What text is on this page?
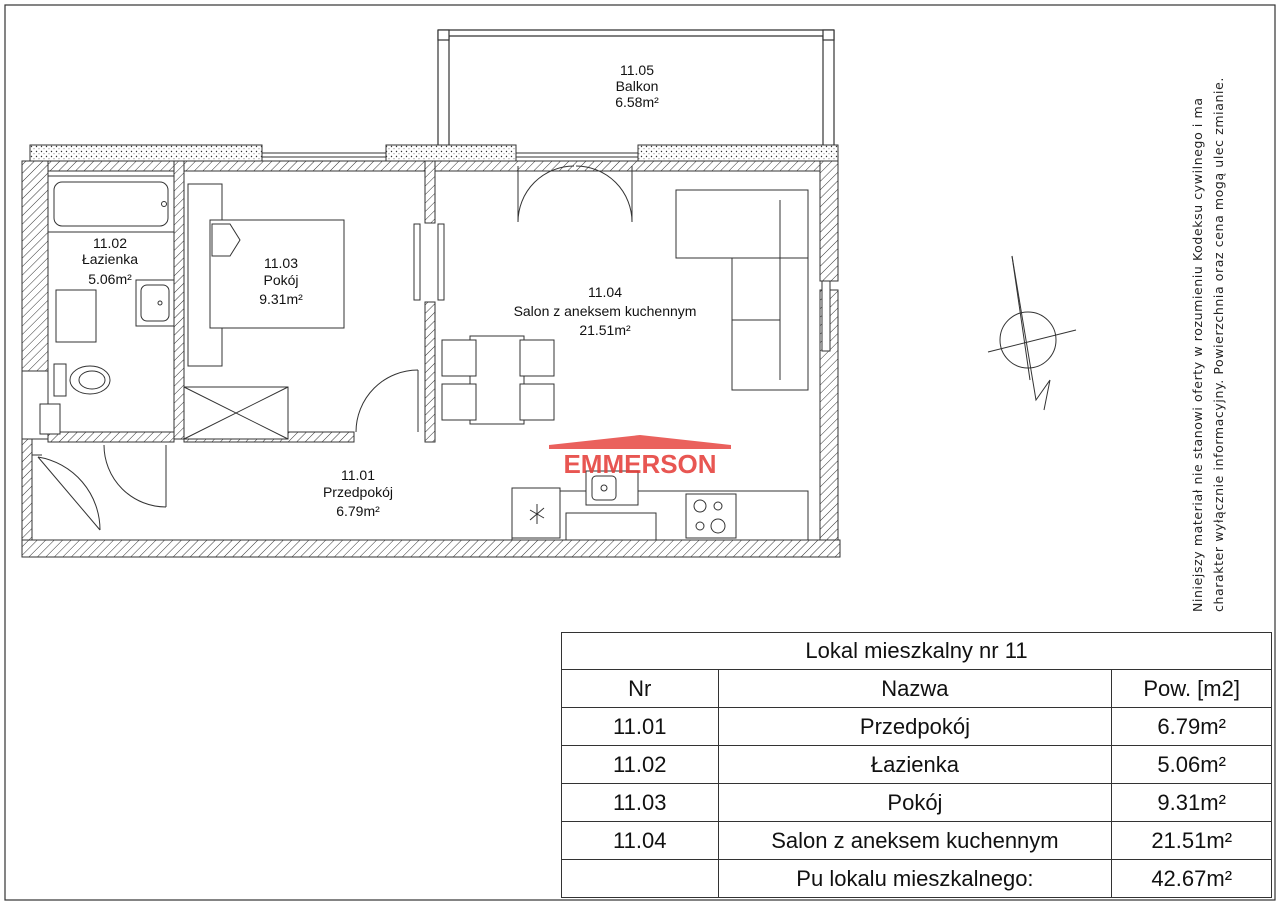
11.05
Balkon
6.58m²
11.02
Łazienka
5.06m²
11.03
Pokój
9.31m²	11.04
Salon z aneksem kuchennym
21.51m²
11.01
Przedpokój
6.79m²
EMMERSON	Niniejszy materiał nie stanowi oferty w rozumieniu Kodeksu cywilnego i ma charakter wyłącznie informacyjny. Powierzchnia oraz cena mogą ulec zmianie.
Lokal mieszkalny nr 11		
Nr	Nazwa	Pow. [m2]
11.01	Przedpokój	6.79m²
11.02	Łazienka	5.06m²
11.03	Pokój	9.31m²
11.04	Salon z aneksem kuchennym	21.51m²
	Pu lokalu mieszkalnego:	42.67m²
